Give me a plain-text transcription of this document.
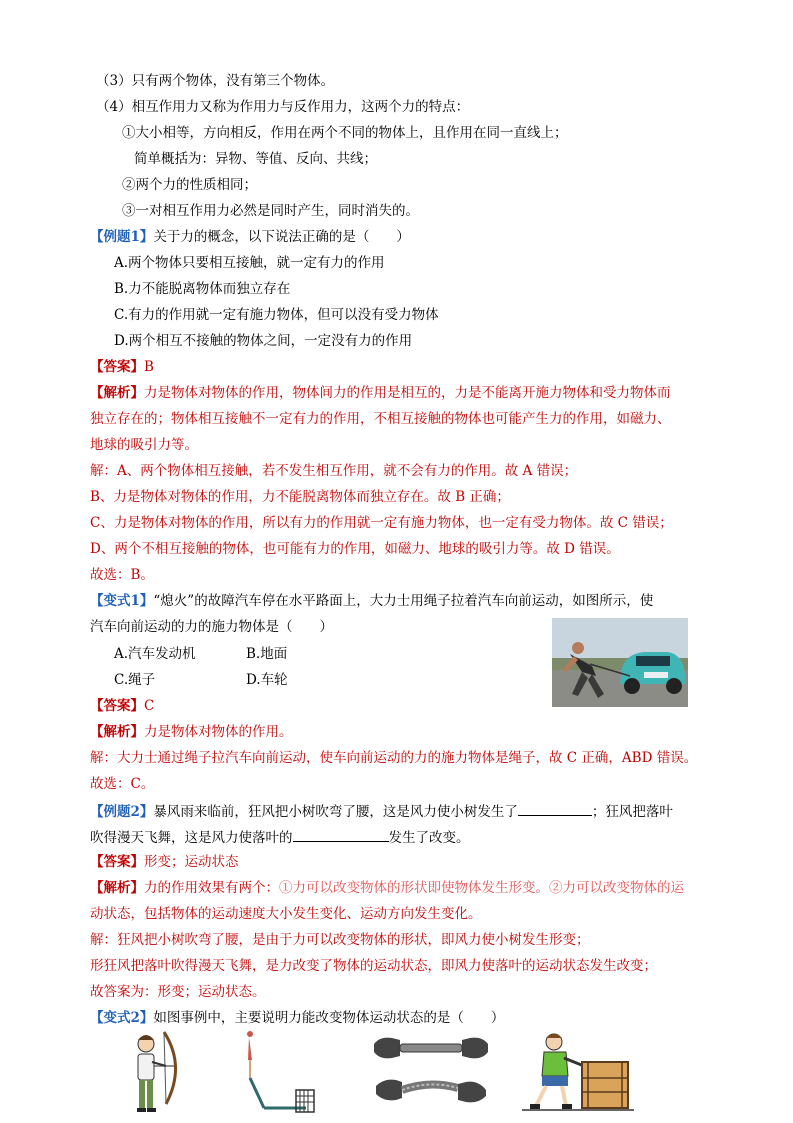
（3）只有两个物体，没有第三个物体。
（4）相互作用力又称为作用力与反作用力，这两个力的特点：
①大小相等，方向相反，作用在两个不同的物体上，且作用在同一直线上；
简单概括为：异物、等值、反向、共线；
②两个力的性质相同；
③一对相互作用力必然是同时产生，同时消失的。
【例题1】关于力的概念，以下说法正确的是（　　）
A.两个物体只要相互接触，就一定有力的作用
B.力不能脱离物体而独立存在
C.有力的作用就一定有施力物体，但可以没有受力物体
D.两个相互不接触的物体之间，一定没有力的作用
【答案】B
【解析】力是物体对物体的作用，物体间力的作用是相互的，力是不能离开施力物体和受力物体而
独立存在的；物体相互接触不一定有力的作用，不相互接触的物体也可能产生力的作用，如磁力、
地球的吸引力等。
解：A、两个物体相互接触，若不发生相互作用，就不会有力的作用。故 A 错误；
B、力是物体对物体的作用，力不能脱离物体而独立存在。故 B 正确；
C、力是物体对物体的作用，所以有力的作用就一定有施力物体，也一定有受力物体。故 C 错误；
D、两个不相互接触的物体，也可能有力的作用，如磁力、地球的吸引力等。故 D 错误。
故选：B。
【变式1】“熄火”的故障汽车停在水平路面上，大力士用绳子拉着汽车向前运动，如图所示，使
汽车向前运动的力的施力物体是（　　）
A.汽车发动机	B.地面
C.绳子	D.车轮
【答案】C
【解析】力是物体对物体的作用。
解：大力士通过绳子拉汽车向前运动，使车向前运动的力的施力物体是绳子，故 C 正确，ABD 错误。
故选：C。
【例题2】暴风雨来临前，狂风把小树吹弯了腰，这是风力使小树发生了	；狂风把落叶
吹得漫天飞舞，这是风力使落叶的	发生了改变。
【答案】形变；运动状态
【解析】力的作用效果有两个：①力可以改变物体的形状即使物体发生形变。②力可以改变物体的运
动状态，包括物体的运动速度大小发生变化、运动方向发生变化。
解：狂风把小树吹弯了腰，是由于力可以改变物体的形状，即风力使小树发生形变；
形狂风把落叶吹得漫天飞舞，是力改变了物体的运动状态，即风力使落叶的运动状态发生改变；
故答案为：形变；运动状态。
【变式2】如图事例中，主要说明力能改变物体运动状态的是（　　）
